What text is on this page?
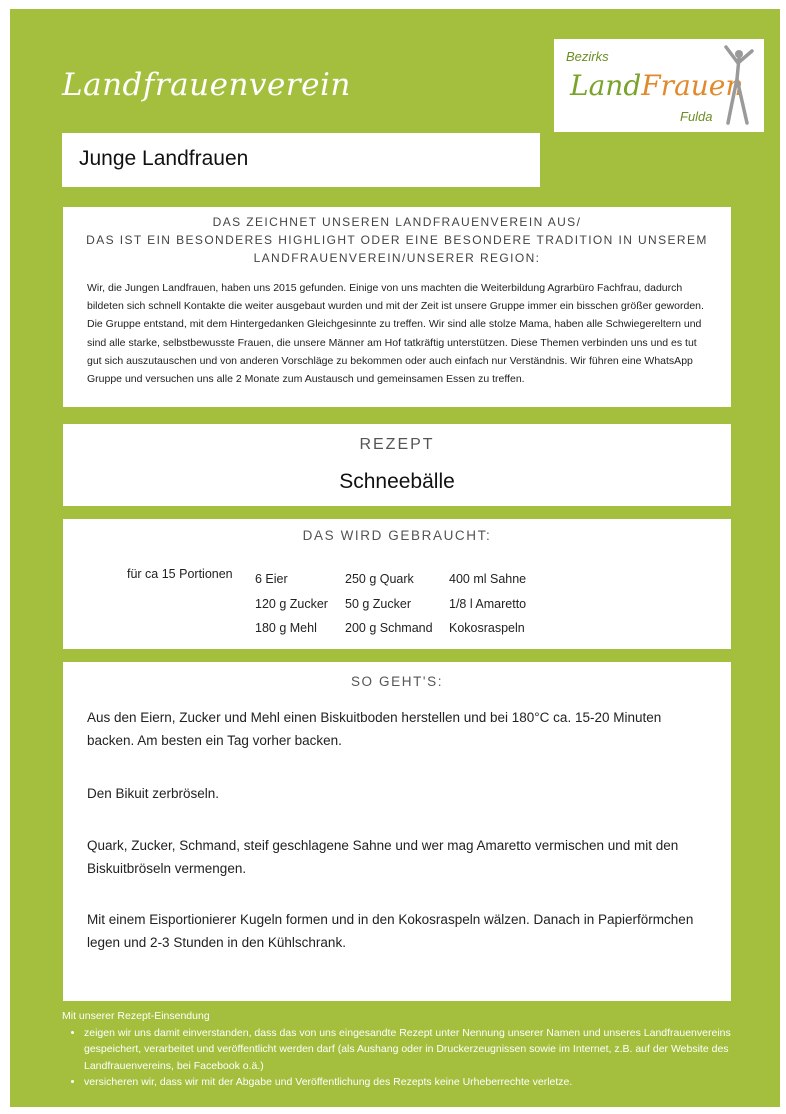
Landfrauenverein
Bezirks
LandFrauen
Fulda
Junge Landfrauen
DAS ZEICHNET UNSEREN LANDFRAUENVEREIN AUS/
DAS IST EIN BESONDERES HIGHLIGHT ODER EINE BESONDERE TRADITION IN UNSEREM LANDFRAUENVEREIN/UNSERER REGION:
Wir, die Jungen Landfrauen, haben uns 2015 gefunden. Einige von uns machten die Weiterbildung Agrarbüro Fachfrau, dadurch bildeten sich schnell Kontakte die weiter ausgebaut wurden und mit der Zeit ist unsere Gruppe immer ein bisschen größer geworden. Die Gruppe entstand, mit dem Hintergedanken Gleichgesinnte zu treffen. Wir sind alle stolze Mama, haben alle Schwiegereltern und sind alle starke, selbstbewusste Frauen, die unsere Männer am Hof tatkräftig unterstützen. Diese Themen verbinden uns und es tut gut sich auszutauschen und von anderen Vorschläge zu bekommen oder auch einfach nur Verständnis. Wir führen eine WhatsApp Gruppe und versuchen uns alle 2 Monate zum Austausch und gemeinsamen Essen zu treffen.
REZEPT
Schneebälle
DAS WIRD GEBRAUCHT:
für ca 15 Portionen 6 Eier
120 g Zucker
180 g Mehl
250 g Quark
50 g Zucker
200 g Schmand
400 ml Sahne
1/8 l Amaretto
Kokosraspeln
SO GEHT'S:
Aus den Eiern, Zucker und Mehl einen Biskuitboden herstellen und bei 180°C ca. 15-20 Minuten backen. Am besten ein Tag vorher backen.
Den Bikuit zerbröseln.
Quark, Zucker, Schmand, steif geschlagene Sahne und wer mag Amaretto vermischen und mit den Biskuitbröseln vermengen.
Mit einem Eisportionierer Kugeln formen und in den Kokosraspeln wälzen. Danach in Papierförmchen legen und 2-3 Stunden in den Kühlschrank.
Mit unserer Rezept-Einsendung
• zeigen wir uns damit einverstanden, dass das von uns eingesandte Rezept unter Nennung unserer Namen und unseres Landfrauenvereins gespeichert, verarbeitet und veröffentlicht werden darf (als Aushang oder in Druckerzeugnissen sowie im Internet, z.B. auf der Website des Landfrauenvereins, bei Facebook o.ä.)
• versicheren wir, dass wir mit der Abgabe und Veröffentlichung des Rezepts keine Urheberrechte verletze.
